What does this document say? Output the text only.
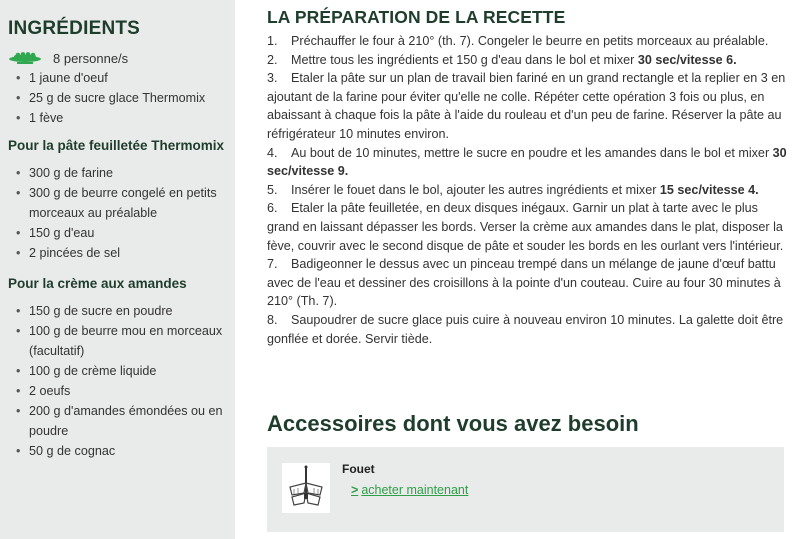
INGRÉDIENTS
8 personne/s
• 1 jaune d'oeuf
• 25 g de sucre glace Thermomix
• 1 fève
Pour la pâte feuilletée Thermomix
• 300 g de farine
• 300 g de beurre congelé en petits morceaux au préalable
• 150 g d'eau
• 2 pincées de sel
Pour la crème aux amandes
• 150 g de sucre en poudre
• 100 g de beurre mou en morceaux (facultatif)
• 100 g de crème liquide
• 2 oeufs
• 200 g d'amandes émondées ou en poudre
• 50 g de cognac
LA PRÉPARATION DE LA RECETTE
1. Préchauffer le four à 210° (th. 7). Congeler le beurre en petits morceaux au préalable.
2. Mettre tous les ingrédients et 150 g d'eau dans le bol et mixer 30 sec/vitesse 6.
3. Etaler la pâte sur un plan de travail bien fariné en un grand rectangle et la replier en 3 en ajoutant de la farine pour éviter qu'elle ne colle. Répéter cette opération 3 fois ou plus, en abaissant à chaque fois la pâte à l'aide du rouleau et d'un peu de farine. Réserver la pâte au réfrigérateur 10 minutes environ.
4. Au bout de 10 minutes, mettre le sucre en poudre et les amandes dans le bol et mixer 30 sec/vitesse 9.
5. Insérer le fouet dans le bol, ajouter les autres ingrédients et mixer 15 sec/vitesse 4.
6. Etaler la pâte feuilletée, en deux disques inégaux. Garnir un plat à tarte avec le plus grand en laissant dépasser les bords. Verser la crème aux amandes dans le plat, disposer la fève, couvrir avec le second disque de pâte et souder les bords en les ourlant vers l'intérieur.
7. Badigeonner le dessus avec un pinceau trempé dans un mélange de jaune d'œuf battu avec de l'eau et dessiner des croisillons à la pointe d'un couteau. Cuire au four 30 minutes à 210° (Th. 7).
8. Saupoudrer de sucre glace puis cuire à nouveau environ 10 minutes. La galette doit être gonflée et dorée. Servir tiède.
Accessoires dont vous avez besoin
Fouet
> acheter maintenant
